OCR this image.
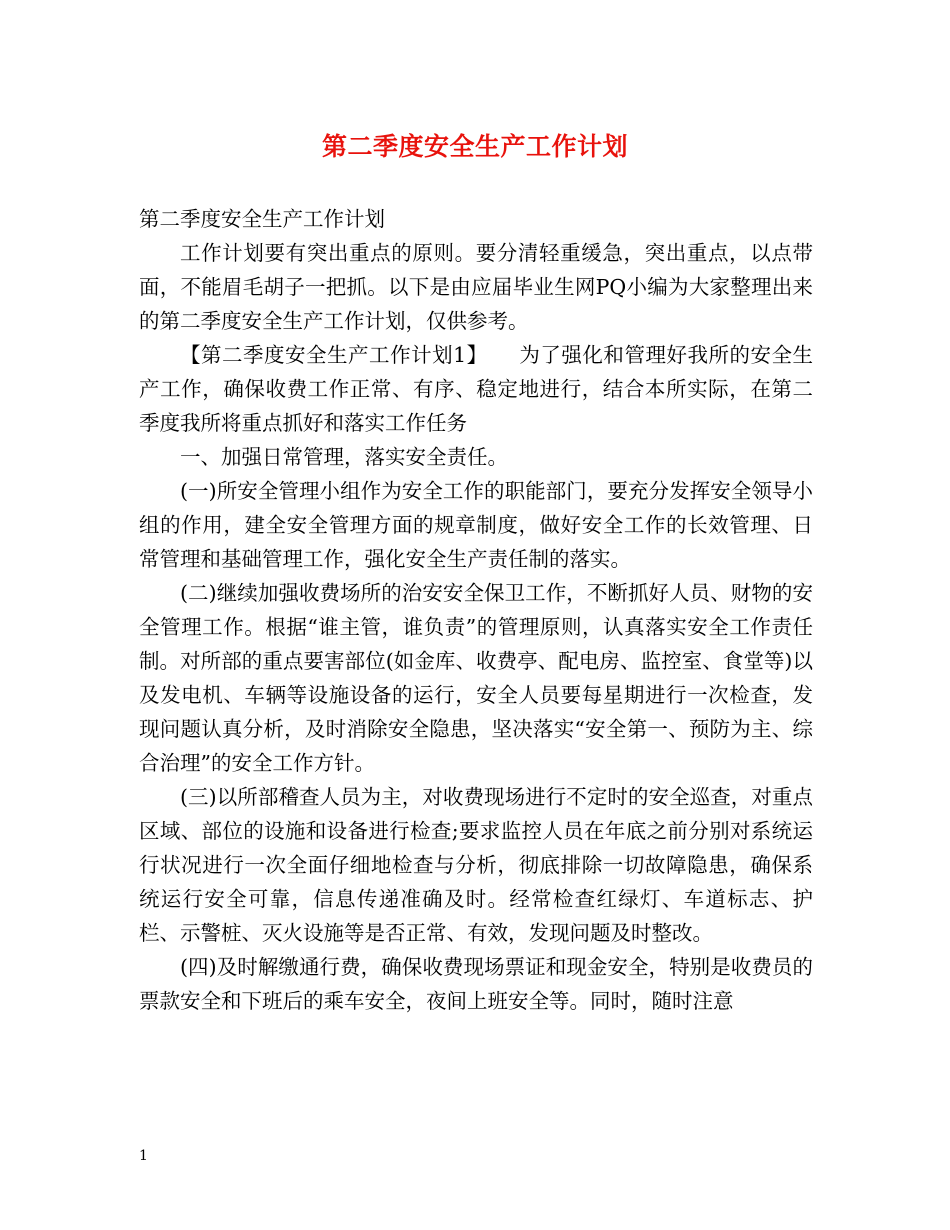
第二季度安全生产工作计划

第二季度安全生产工作计划

工作计划要有突出重点的原则。要分清轻重缓急，突出重点，以点带面，不能眉毛胡子一把抓。以下是由应届毕业生网PQ小编为大家整理出来的第二季度安全生产工作计划，仅供参考。

【第二季度安全生产工作计划1】　　为了强化和管理好我所的安全生产工作，确保收费工作正常、有序、稳定地进行，结合本所实际，在第二季度我所将重点抓好和落实工作任务

一、加强日常管理，落实安全责任。

(一)所安全管理小组作为安全工作的职能部门，要充分发挥安全领导小组的作用，建全安全管理方面的规章制度，做好安全工作的长效管理、日常管理和基础管理工作，强化安全生产责任制的落实。

(二)继续加强收费场所的治安安全保卫工作，不断抓好人员、财物的安全管理工作。根据“谁主管，谁负责”的管理原则，认真落实安全工作责任制。对所部的重点要害部位(如金库、收费亭、配电房、监控室、食堂等)以及发电机、车辆等设施设备的运行，安全人员要每星期进行一次检查，发现问题认真分析，及时消除安全隐患，坚决落实“安全第一、预防为主、综合治理”的安全工作方针。

(三)以所部稽查人员为主，对收费现场进行不定时的安全巡查，对重点区域、部位的设施和设备进行检查;要求监控人员在年底之前分别对系统运行状况进行一次全面仔细地检查与分析，彻底排除一切故障隐患，确保系统运行安全可靠，信息传递准确及时。经常检查红绿灯、车道标志、护栏、示警桩、灭火设施等是否正常、有效，发现问题及时整改。

(四)及时解缴通行费，确保收费现场票证和现金安全，特别是收费员的票款安全和下班后的乘车安全，夜间上班安全等。同时，随时注意

1
